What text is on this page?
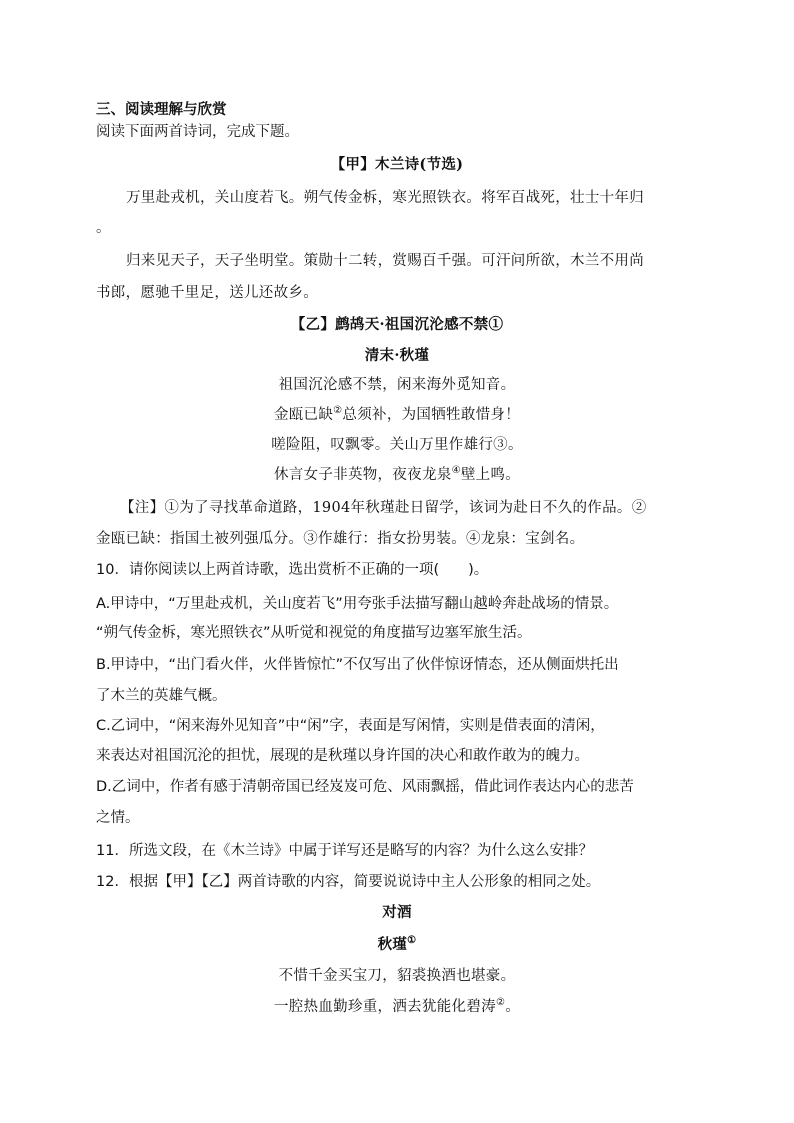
三、阅读理解与欣赏
阅读下面两首诗词，完成下题。
【甲】木兰诗(节选)
万里赴戎机，关山度若飞。朔气传金柝，寒光照铁衣。将军百战死，壮士十年归
。
归来见天子，天子坐明堂。策勋十二转，赏赐百千强。可汗问所欲，木兰不用尚
书郎，愿驰千里足，送儿还故乡。
【乙】鹧鸪天·祖国沉沦感不禁①
清末·秋瑾
祖国沉沦感不禁，闲来海外觅知音。
金瓯已缺②总须补，为国牺牲敢惜身！
嗟险阻，叹飘零。关山万里作雄行③。
休言女子非英物，夜夜龙泉④壁上鸣。
【注】①为了寻找革命道路，1904年秋瑾赴日留学，该词为赴日不久的作品。②
金瓯已缺：指国土被列强瓜分。③作雄行：指女扮男装。④龙泉：宝剑名。
10．请你阅读以上两首诗歌，选出赏析不正确的一项(　　)。
A.甲诗中，“万里赴戎机，关山度若飞”用夸张手法描写翻山越岭奔赴战场的情景。
“朔气传金柝，寒光照铁衣”从听觉和视觉的角度描写边塞军旅生活。
B.甲诗中，“出门看火伴，火伴皆惊忙”不仅写出了伙伴惊讶情态，还从侧面烘托出
了木兰的英雄气概。
C.乙词中，“闲来海外见知音”中“闲”字，表面是写闲情，实则是借表面的清闲，
来表达对祖国沉沦的担忧，展现的是秋瑾以身许国的决心和敢作敢为的魄力。
D.乙词中，作者有感于清朝帝国已经岌岌可危、风雨飘摇，借此词作表达内心的悲苦
之情。
11．所选文段，在《木兰诗》中属于详写还是略写的内容？为什么这么安排？
12．根据【甲】【乙】两首诗歌的内容，简要说说诗中主人公形象的相同之处。
对酒
秋瑾①
不惜千金买宝刀，貂裘换酒也堪豪。
一腔热血勤珍重，洒去犹能化碧涛②。
